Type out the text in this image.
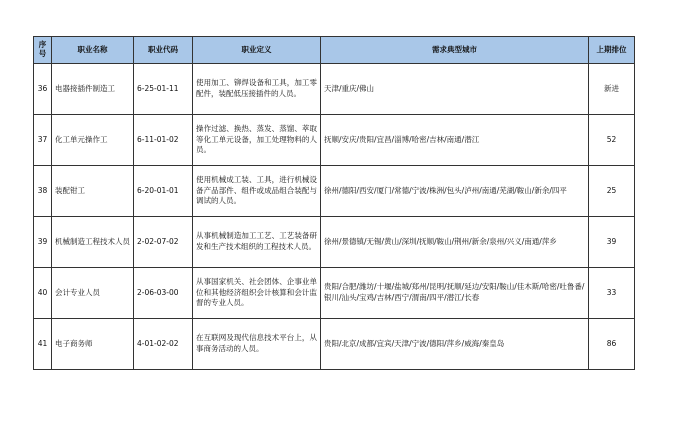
序号	职业名称	职业代码	职业定义	需求典型城市	上期排位
36	电器接插件制造工	6-25-01-11	使用加工、铆焊设备和工具，加工零配件，装配低压接插件的人员。	天津/重庆/佛山	新进
37	化工单元操作工	6-11-01-02	操作过滤、换热、蒸发、蒸馏、萃取等化工单元设备，加工处理物料的人员。	抚顺/安庆/贵阳/宜昌/淄博/哈密/吉林/南通/潜江	52
38	装配钳工	6-20-01-01	使用机械成工装、工具，进行机械设备产品部件、组件或成品组合装配与调试的人员。	徐州/德阳/西安/厦门/常德/宁波/株洲/包头/泸州/南通/芜湖/鞍山/新余/四平	25
39	机械制造工程技术人员	2-02-07-02	从事机械制造加工工艺、工艺装备研发和生产技术组织的工程技术人员。	徐州/景德镇/无锡/黄山/深圳/抚顺/鞍山/荆州/新余/泉州/兴义/南通/萍乡	39
40	会计专业人员	2-06-03-00	从事国家机关、社会团体、企事业单位和其他经济组织会计核算和会计监督的专业人员。	贵阳/合肥/潍坊/十堰/盐城/郑州/昆明/抚顺/延边/安阳/鞍山/佳木斯/哈密/吐鲁番/银川/汕头/宝鸡/吉林/西宁/渭南/四平/潜江/长春	33
41	电子商务师	4-01-02-02	在互联网及现代信息技术平台上，从事商务活动的人员。	贵阳/北京/成都/宜宾/天津/宁波/德阳/萍乡/威海/秦皇岛	86
